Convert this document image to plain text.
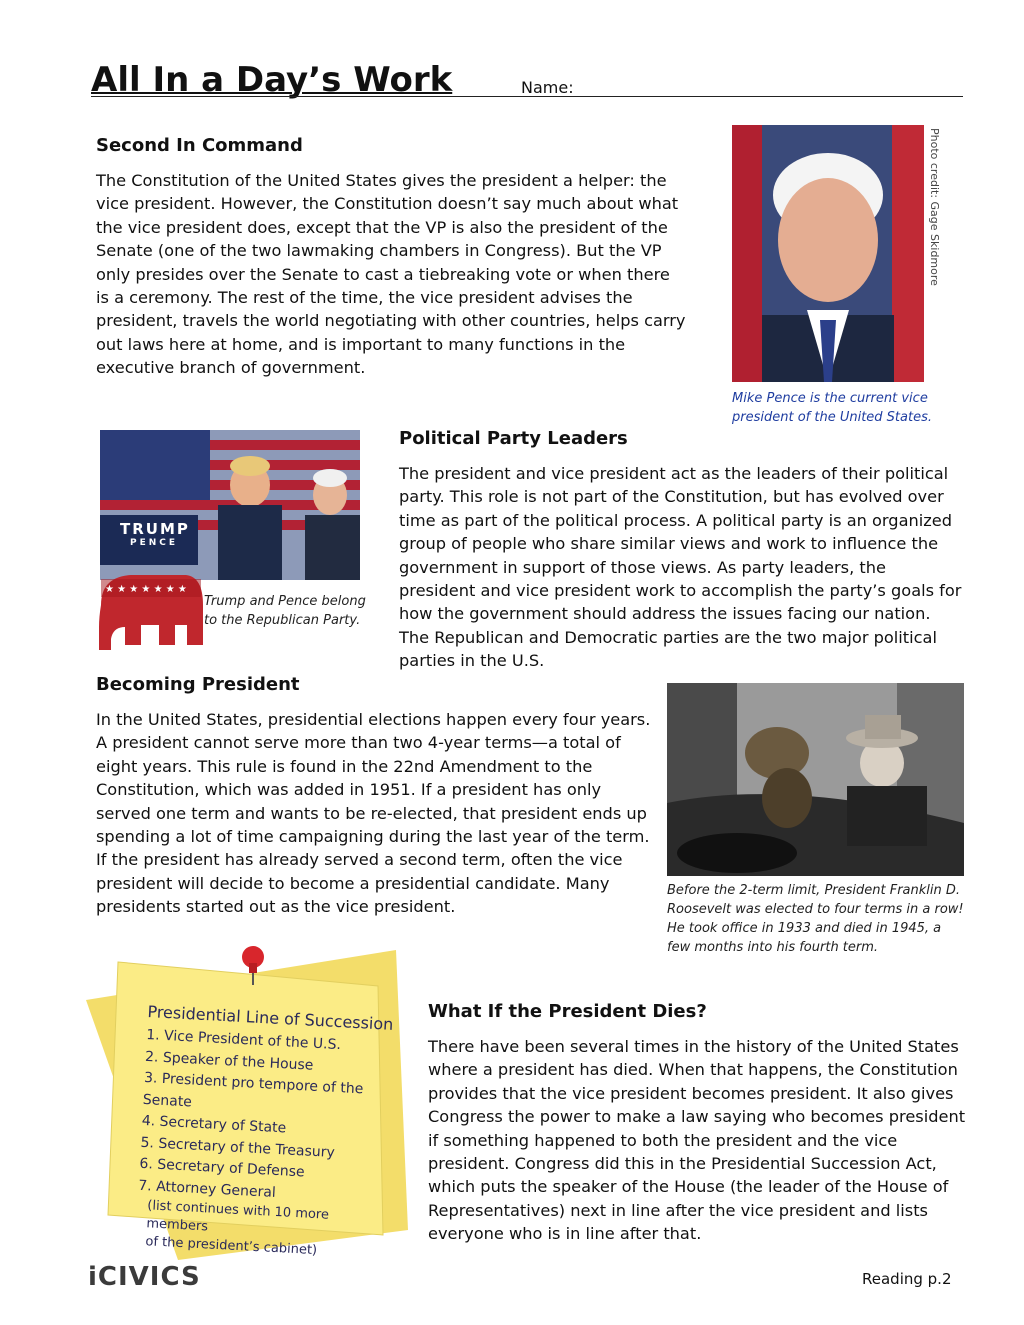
All In a Day’s Work	Name:
Second In Command

The Constitution of the United States gives the president a helper: the vice president. However, the Constitution doesn’t say much about what the vice president does, except that the VP is also the president of the Senate (one of the two lawmaking chambers in Congress). But the VP only presides over the Senate to cast a tiebreaking vote or when there is a ceremony. The rest of the time, the vice president advises the president, travels the world negotiating with other countries, helps carry out laws here at home, and is important to many functions in the executive branch of government.

Photo credit: Gage Skidmore
Mike Pence is the current vice president of the United States.
TRUMP
PENCE
★ ★ ★ ★ ★ ★ ★
Trump and Pence belong to the Republican Party.
Political Party Leaders

The president and vice president act as the leaders of their political party. This role is not part of the Constitution, but has evolved over time as part of the political process. A political party is an organized group of people who share similar views and work to influence the government in support of those views. As party leaders, the president and vice president work to accomplish the party’s goals for how the government should address the issues facing our nation. The Republican and Democratic parties are the two major political parties in the U.S.

Becoming President

In the United States, presidential elections happen every four years. A president cannot serve more than two 4-year terms—a total of eight years. This rule is found in the 22nd Amendment to the Constitution, which was added in 1951. If a president has only served one term and wants to be re-elected, that president ends up spending a lot of time campaigning during the last year of the term. If the president has already served a second term, often the vice president will decide to become a presidential candidate. Many presidents started out as the vice president.

Before the 2-term limit, President Franklin D. Roosevelt was elected to four terms in a row! He took office in 1933 and died in 1945, a few months into his fourth term.
Presidential Line of Succession
1. Vice President of the U.S.
2. Speaker of the House
3. President pro tempore of the Senate
4. Secretary of State
5. Secretary of the Treasury
6. Secretary of Defense
7. Attorney General
(list continues with 10 more members
of the president’s cabinet)
What If the President Dies?

There have been several times in the history of the United States where a president has died. When that happens, the Constitution provides that the vice president becomes president. It also gives Congress the power to make a law saying who becomes president if something happened to both the president and the vice president. Congress did this in the Presidential Succession Act, which puts the speaker of the House (the leader of the House of Representatives) next in line after the vice president and lists everyone who is in line after that.

iCIVICS	Reading p.2
